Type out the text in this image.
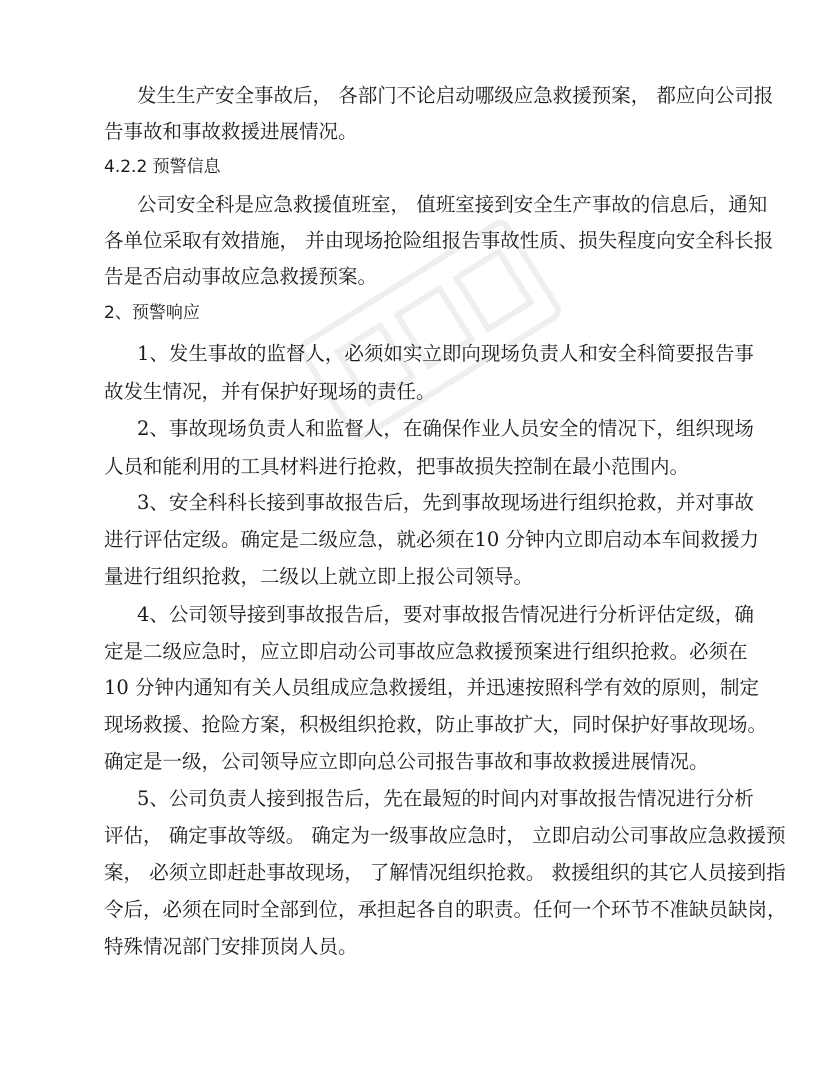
发生生产安全事故后， 各部门不论启动哪级应急救援预案， 都应向公司报
告事故和事故救援进展情况。
4.2.2 预警信息
公司安全科是应急救援值班室， 值班室接到安全生产事故的信息后，通知
各单位采取有效措施， 并由现场抢险组报告事故性质、损失程度向安全科长报
告是否启动事故应急救援预案。
2、预警响应
1、发生事故的监督人，必须如实立即向现场负责人和安全科简要报告事
故发生情况，并有保护好现场的责任。
2、事故现场负责人和监督人，在确保作业人员安全的情况下，组织现场
人员和能利用的工具材料进行抢救，把事故损失控制在最小范围内。
3、安全科科长接到事故报告后，先到事故现场进行组织抢救，并对事故
进行评估定级。确定是二级应急，就必须在10 分钟内立即启动本车间救援力
量进行组织抢救，二级以上就立即上报公司领导。
4、公司领导接到事故报告后，要对事故报告情况进行分析评估定级，确
定是二级应急时，应立即启动公司事故应急救援预案进行组织抢救。必须在
10 分钟内通知有关人员组成应急救援组，并迅速按照科学有效的原则，制定
现场救援、抢险方案，积极组织抢救，防止事故扩大，同时保护好事故现场。
确定是一级，公司领导应立即向总公司报告事故和事故救援进展情况。
5、公司负责人接到报告后，先在最短的时间内对事故报告情况进行分析
评估， 确定事故等级。 确定为一级事故应急时， 立即启动公司事故应急救援预
案， 必须立即赶赴事故现场， 了解情况组织抢救。 救援组织的其它人员接到指
令后，必须在同时全部到位，承担起各自的职责。任何一个环节不准缺员缺岗，
特殊情况部门安排顶岗人员。
